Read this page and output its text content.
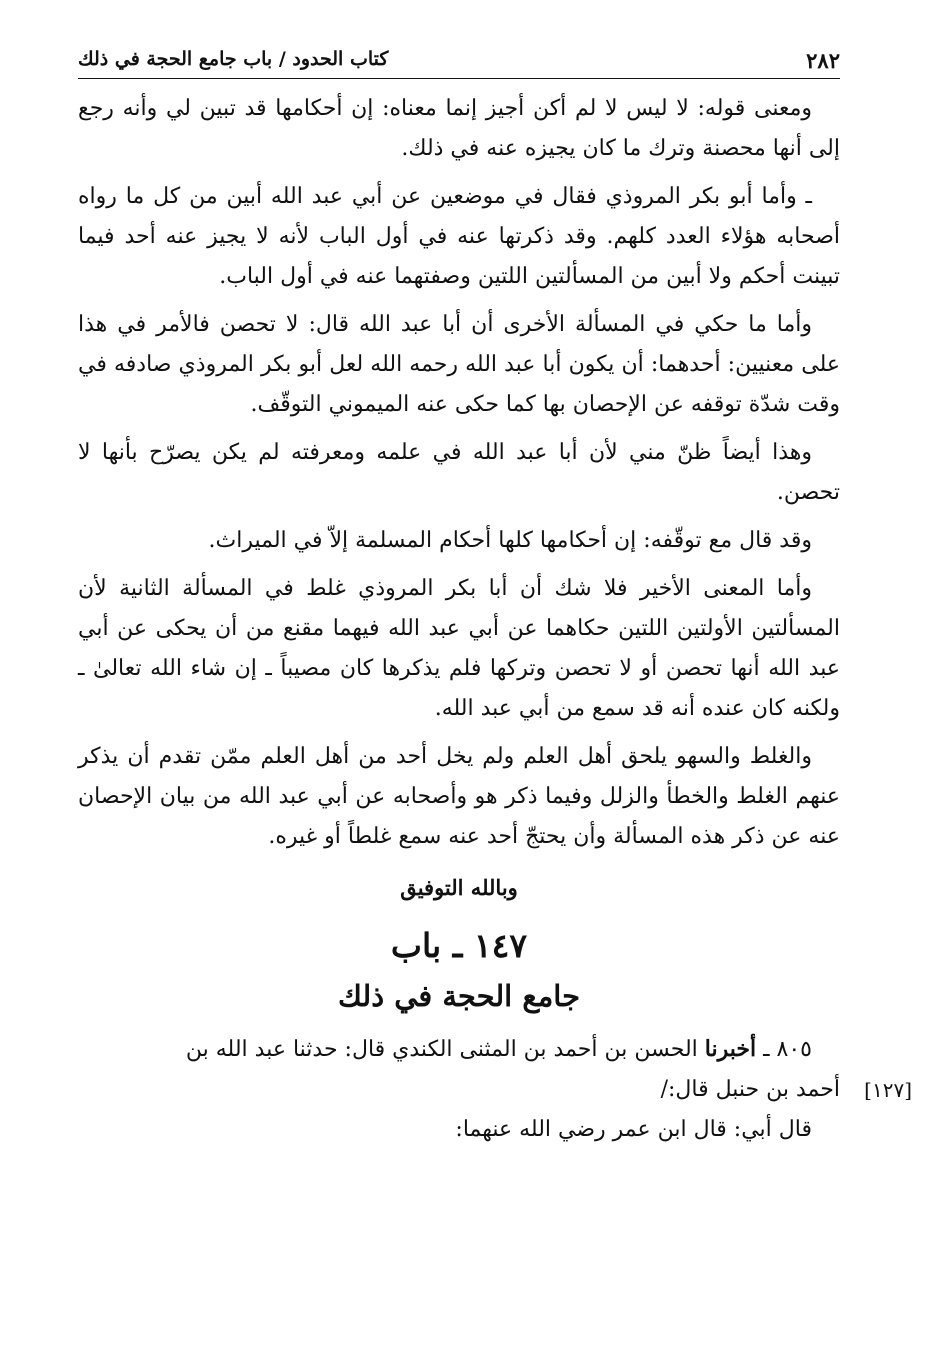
٢٨٢
كتاب الحدود / باب جامع الحجة في ذلك

ومعنى قوله: لا ليس لا لم أكن أجيز إنما معناه: إن أحكامها قد تبين لي وأنه رجع إلى أنها محصنة وترك ما كان يجيزه عنه في ذلك.

ـ وأما أبو بكر المروذي فقال في موضعين عن أبي عبد الله أبين من كل ما رواه أصحابه هؤلاء العدد كلهم. وقد ذكرتها عنه في أول الباب لأنه لا يجيز عنه أحد فيما تبينت أحكم ولا أبين من المسألتين اللتين وصفتهما عنه في أول الباب.

وأما ما حكي في المسألة الأخرى أن أبا عبد الله قال: لا تحصن فالأمر في هذا على معنيين: أحدهما: أن يكون أبا عبد الله رحمه الله لعل أبو بكر المروذي صادفه في وقت شدّة توقفه عن الإحصان بها كما حكى عنه الميموني التوقّف.

وهذا أيضاً ظنّ مني لأن أبا عبد الله في علمه ومعرفته لم يكن يصرّح بأنها لا تحصن.

وقد قال مع توقّفه: إن أحكامها كلها أحكام المسلمة إلاّ في الميراث.

وأما المعنى الأخير فلا شك أن أبا بكر المروذي غلط في المسألة الثانية لأن المسألتين الأولتين اللتين حكاهما عن أبي عبد الله فيهما مقنع من أن يحكى عن أبي عبد الله أنها تحصن أو لا تحصن وتركها فلم يذكرها كان مصيباً ـ إن شاء الله تعالىٰ ـ ولكنه كان عنده أنه قد سمع من أبي عبد الله.

والغلط والسهو يلحق أهل العلم ولم يخل أحد من أهل العلم ممّن تقدم أن يذكر عنهم الغلط والخطأ والزلل وفيما ذكر هو وأصحابه عن أبي عبد الله من بيان الإحصان عنه عن ذكر هذه المسألة وأن يحتجّ أحد عنه سمع غلطاً أو غيره.

وبالله التوفيق
١٤٧ ـ باب
جامع الحجة في ذلك

٨٠٥ ـ أخبرنا الحسن بن أحمد بن المثنى الكندي قال: حدثنا عبد الله بن

[١٢٧]
أحمد بن حنبل قال:/

قال أبي: قال ابن عمر رضي الله عنهما:
